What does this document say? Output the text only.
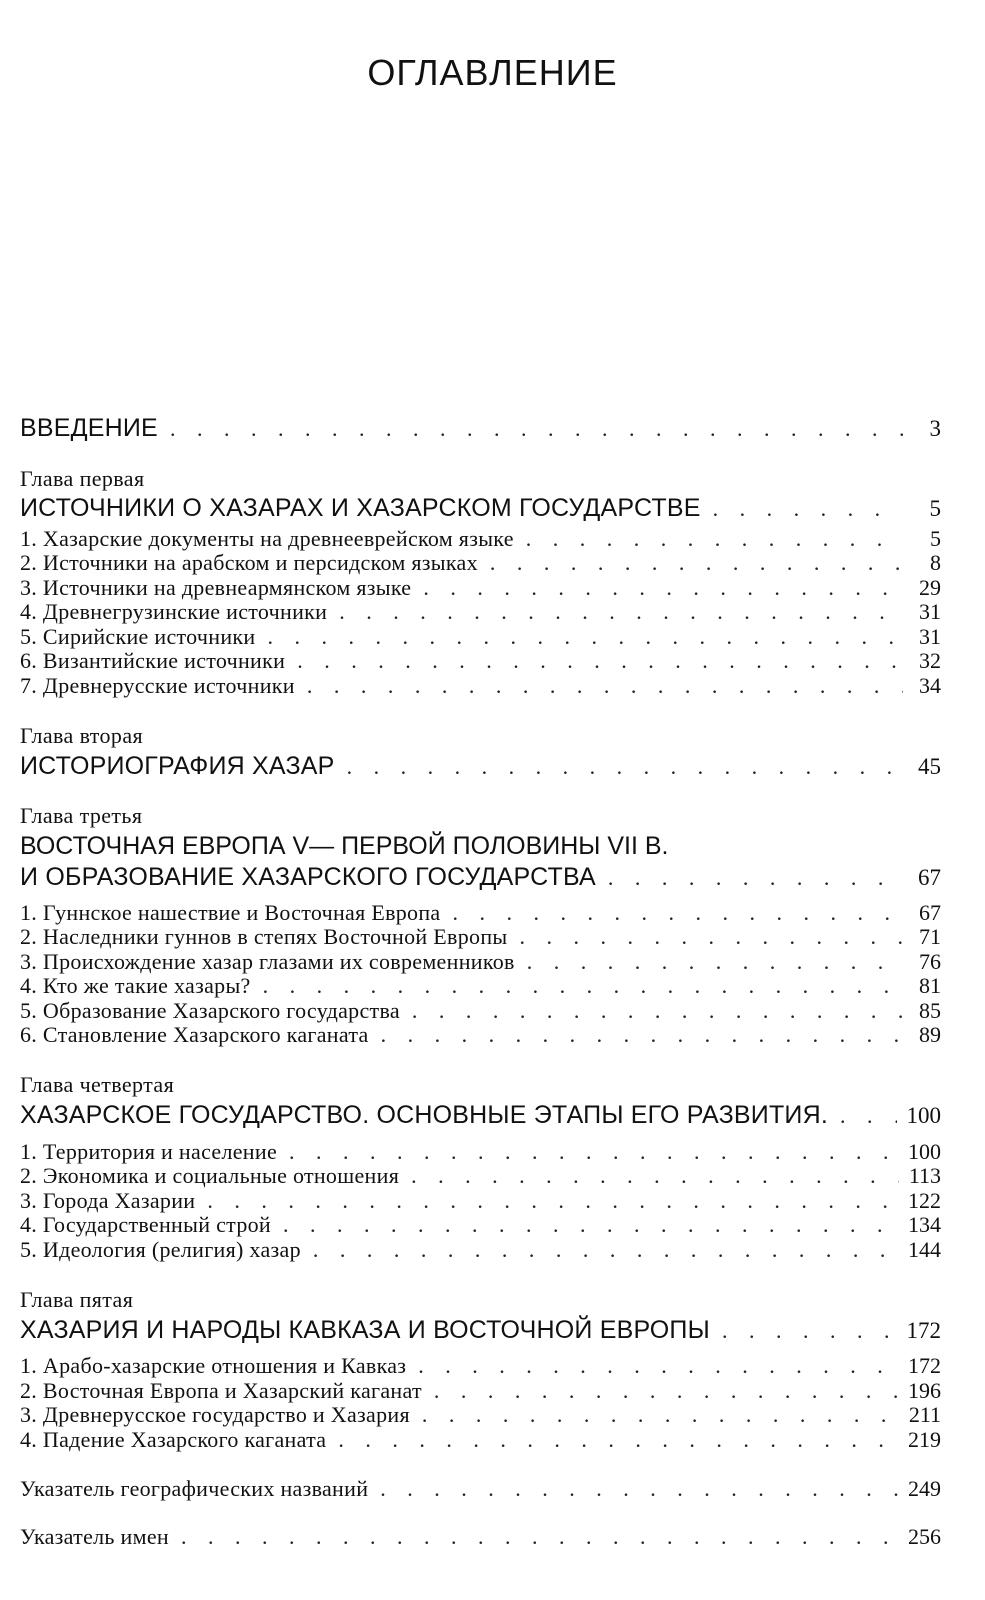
ОГЛАВЛЕНИЕ
ВВЕДЕНИЕ . . .	3
Глава первая
ИСТОЧНИКИ О ХАЗАРАХ И ХАЗАРСКОМ ГОСУДАРСТВЕ . . .	5
1. Хазарские документы на древнееврейском языке . . .	5
2. Источники на арабском и персидском языках . . .	8
3. Источники на древнеармянском языке . . .	29
4. Древнегрузинские источники . . .	31
5. Сирийские источники . . .	31
6. Византийские источники . . .	32
7. Древнерусские источники . . .	34
Глава вторая
ИСТОРИОГРАФИЯ ХАЗАР . . .	45
Глава третья
ВОСТОЧНАЯ ЕВРОПА V— ПЕРВОЙ ПОЛОВИНЫ VII В.
И ОБРАЗОВАНИЕ ХАЗАРСКОГО ГОСУДАРСТВА . . .	67
1. Гуннское нашествие и Восточная Европа . . .	67
2. Наследники гуннов в степях Восточной Европы . . .	71
3. Происхождение хазар глазами их современников . . .	76
4. Кто же такие хазары? . . .	81
5. Образование Хазарского государства . . .	85
6. Становление Хазарского каганата . . .	89
Глава четвертая
ХАЗАРСКОЕ ГОСУДАРСТВО. ОСНОВНЫЕ ЭТАПЫ ЕГО РАЗВИТИЯ. . . .	100
1. Территория и население . . .	100
2. Экономика и социальные отношения . . .	113
3. Города Хазарии . . .	122
4. Государственный строй . . .	134
5. Идеология (религия) хазар . . .	144
Глава пятая
ХАЗАРИЯ И НАРОДЫ КАВКАЗА И ВОСТОЧНОЙ ЕВРОПЫ . . .	172
1. Арабо-хазарские отношения и Кавказ . . .	172
2. Восточная Европа и Хазарский каганат . . .	196
3. Древнерусское государство и Хазария . . .	211
4. Падение Хазарского каганата . . .	219
Указатель географических названий . . .	249
Указатель имен . . .	256
